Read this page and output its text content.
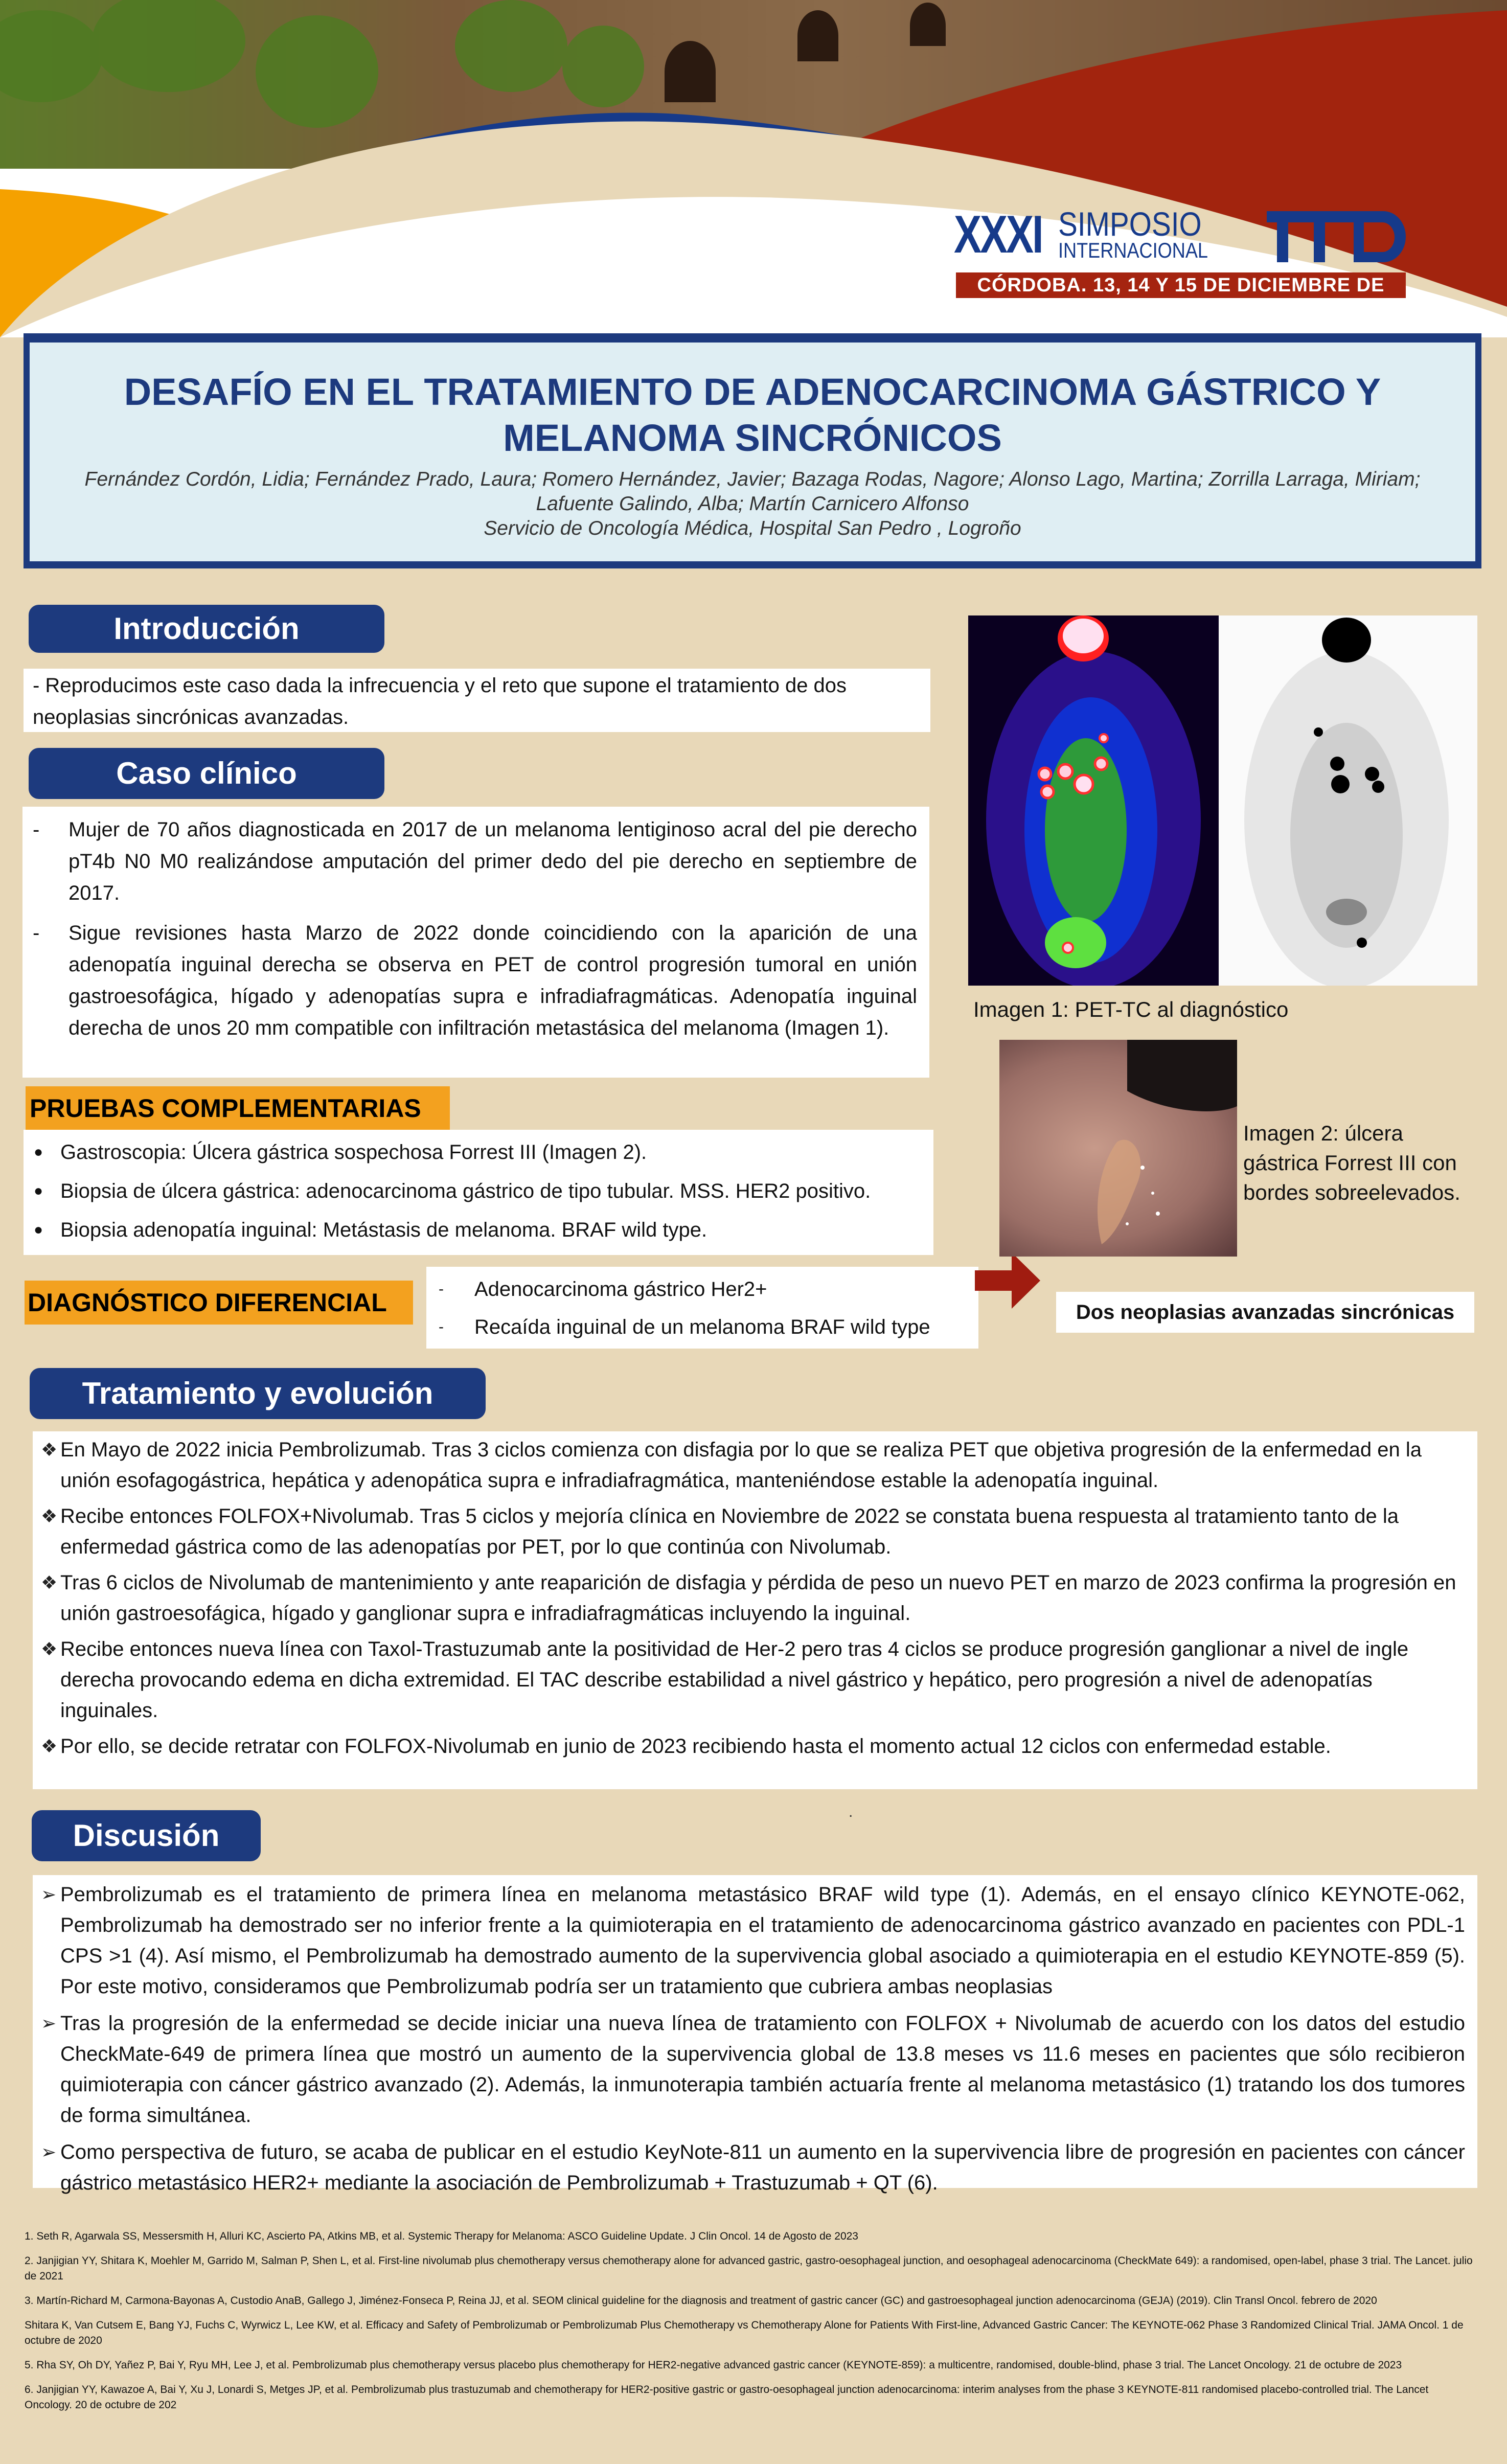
XXXI SIMPOSIO
INTERNACIONAL
CÓRDOBA. 13, 14 Y 15 DE DICIEMBRE DE 2023
DESAFÍO EN EL TRATAMIENTO DE ADENOCARCINOMA GÁSTRICO Y MELANOMA SINCRÓNICOS
Fernández Cordón, Lidia; Fernández Prado, Laura; Romero Hernández, Javier; Bazaga Rodas, Nagore; Alonso Lago, Martina; Zorrilla Larraga, Miriam; Lafuente Galindo, Alba; Martín Carnicero Alfonso
Servicio de Oncología Médica, Hospital San Pedro , Logroño
Introducción
- Reproducimos este caso dada la infrecuencia y el reto que supone el tratamiento de dos neoplasias sincrónicas avanzadas.
Caso clínico
-	Mujer de 70 años diagnosticada en 2017 de un melanoma lentiginoso acral del pie derecho pT4b N0 M0 realizándose amputación del primer dedo del pie derecho en septiembre de 2017.
-	Sigue revisiones hasta Marzo de 2022 donde coincidiendo con la aparición de una adenopatía inguinal derecha se observa en PET de control progresión tumoral en unión gastroesofágica, hígado y adenopatías supra e infradiafragmáticas. Adenopatía inguinal derecha de unos 20 mm compatible con infiltración metastásica del melanoma (Imagen 1).
PRUEBAS COMPLEMENTARIAS
● Gastroscopia: Úlcera gástrica sospechosa Forrest III (Imagen 2).
● Biopsia de úlcera gástrica: adenocarcinoma gástrico de tipo tubular. MSS. HER2 positivo.
● Biopsia adenopatía inguinal: Metástasis de melanoma. BRAF wild type.
DIAGNÓSTICO DIFERENCIAL	-	Adenocarcinoma gástrico Her2+
-	Recaída inguinal de un melanoma BRAF wild type
Dos neoplasias avanzadas sincrónicas
Imagen 1: PET-TC al diagnóstico
Imagen 2: úlcera gástrica Forrest III con bordes sobreelevados.
Tratamiento y evolución
❖ En Mayo de 2022 inicia Pembrolizumab. Tras 3 ciclos comienza con disfagia por lo que se realiza PET que objetiva progresión de la enfermedad en la unión esofagogástrica, hepática y adenopática supra e infradiafragmática, manteniéndose estable la adenopatía inguinal.
❖ Recibe entonces FOLFOX+Nivolumab. Tras 5 ciclos y mejoría clínica en Noviembre de 2022 se constata buena respuesta al tratamiento tanto de la enfermedad gástrica como de las adenopatías por PET, por lo que continúa con Nivolumab.
❖ Tras 6 ciclos de Nivolumab de mantenimiento y ante reaparición de disfagia y pérdida de peso un nuevo PET en marzo de 2023 confirma la progresión en unión gastroesofágica, hígado y ganglionar supra e infradiafragmáticas incluyendo la inguinal.
❖ Recibe entonces nueva línea con Taxol-Trastuzumab ante la positividad de Her-2 pero tras 4 ciclos se produce progresión ganglionar a nivel de ingle derecha provocando edema en dicha extremidad. El TAC describe estabilidad a nivel gástrico y hepático, pero progresión a nivel de adenopatías inguinales.
❖ Por ello, se decide retratar con FOLFOX-Nivolumab en junio de 2023 recibiendo hasta el momento actual 12 ciclos con enfermedad estable.
Discusión
.
➢ Pembrolizumab es el tratamiento de primera línea en melanoma metastásico BRAF wild type (1). Además, en el ensayo clínico KEYNOTE-062, Pembrolizumab ha demostrado ser no inferior frente a la quimioterapia en el tratamiento de adenocarcinoma gástrico avanzado en pacientes con PDL-1 CPS >1 (4). Así mismo, el Pembrolizumab ha demostrado aumento de la supervivencia global asociado a quimioterapia en el estudio KEYNOTE-859 (5). Por este motivo, consideramos que Pembrolizumab podría ser un tratamiento que cubriera ambas neoplasias
➢ Tras la progresión de la enfermedad se decide iniciar una nueva línea de tratamiento con FOLFOX + Nivolumab de acuerdo con los datos del estudio CheckMate-649 de primera línea que mostró un aumento de la supervivencia global de 13.8 meses vs 11.6 meses en pacientes que sólo recibieron quimioterapia con cáncer gástrico avanzado (2). Además, la inmunoterapia también actuaría frente al melanoma metastásico (1) tratando los dos tumores de forma simultánea.
➢ Como perspectiva de futuro, se acaba de publicar en el estudio KeyNote-811 un aumento en la supervivencia libre de progresión en pacientes con cáncer gástrico metastásico HER2+ mediante la asociación de Pembrolizumab + Trastuzumab + QT (6).
1. Seth R, Agarwala SS, Messersmith H, Alluri KC, Ascierto PA, Atkins MB, et al. Systemic Therapy for Melanoma: ASCO Guideline Update. J Clin Oncol. 14 de Agosto de 2023
2. Janjigian YY, Shitara K, Moehler M, Garrido M, Salman P, Shen L, et al. First-line nivolumab plus chemotherapy versus chemotherapy alone for advanced gastric, gastro-oesophageal junction, and oesophageal adenocarcinoma (CheckMate 649): a randomised, open-label, phase 3 trial. The Lancet. julio de 2021
3. Martín-Richard M, Carmona-Bayonas A, Custodio AnaB, Gallego J, Jiménez-Fonseca P, Reina JJ, et al. SEOM clinical guideline for the diagnosis and treatment of gastric cancer (GC) and gastroesophageal junction adenocarcinoma (GEJA) (2019). Clin Transl Oncol. febrero de 2020
Shitara K, Van Cutsem E, Bang YJ, Fuchs C, Wyrwicz L, Lee KW, et al. Efficacy and Safety of Pembrolizumab or Pembrolizumab Plus Chemotherapy vs Chemotherapy Alone for Patients With First-line, Advanced Gastric Cancer: The KEYNOTE-062 Phase 3 Randomized Clinical Trial. JAMA Oncol. 1 de octubre de 2020
5. Rha SY, Oh DY, Yañez P, Bai Y, Ryu MH, Lee J, et al. Pembrolizumab plus chemotherapy versus placebo plus chemotherapy for HER2-negative advanced gastric cancer (KEYNOTE-859): a multicentre, randomised, double-blind, phase 3 trial. The Lancet Oncology. 21 de octubre de 2023
6. Janjigian YY, Kawazoe A, Bai Y, Xu J, Lonardi S, Metges JP, et al. Pembrolizumab plus trastuzumab and chemotherapy for HER2-positive gastric or gastro-oesophageal junction adenocarcinoma: interim analyses from the phase 3 KEYNOTE-811 randomised placebo-controlled trial. The Lancet Oncology. 20 de octubre de 202
